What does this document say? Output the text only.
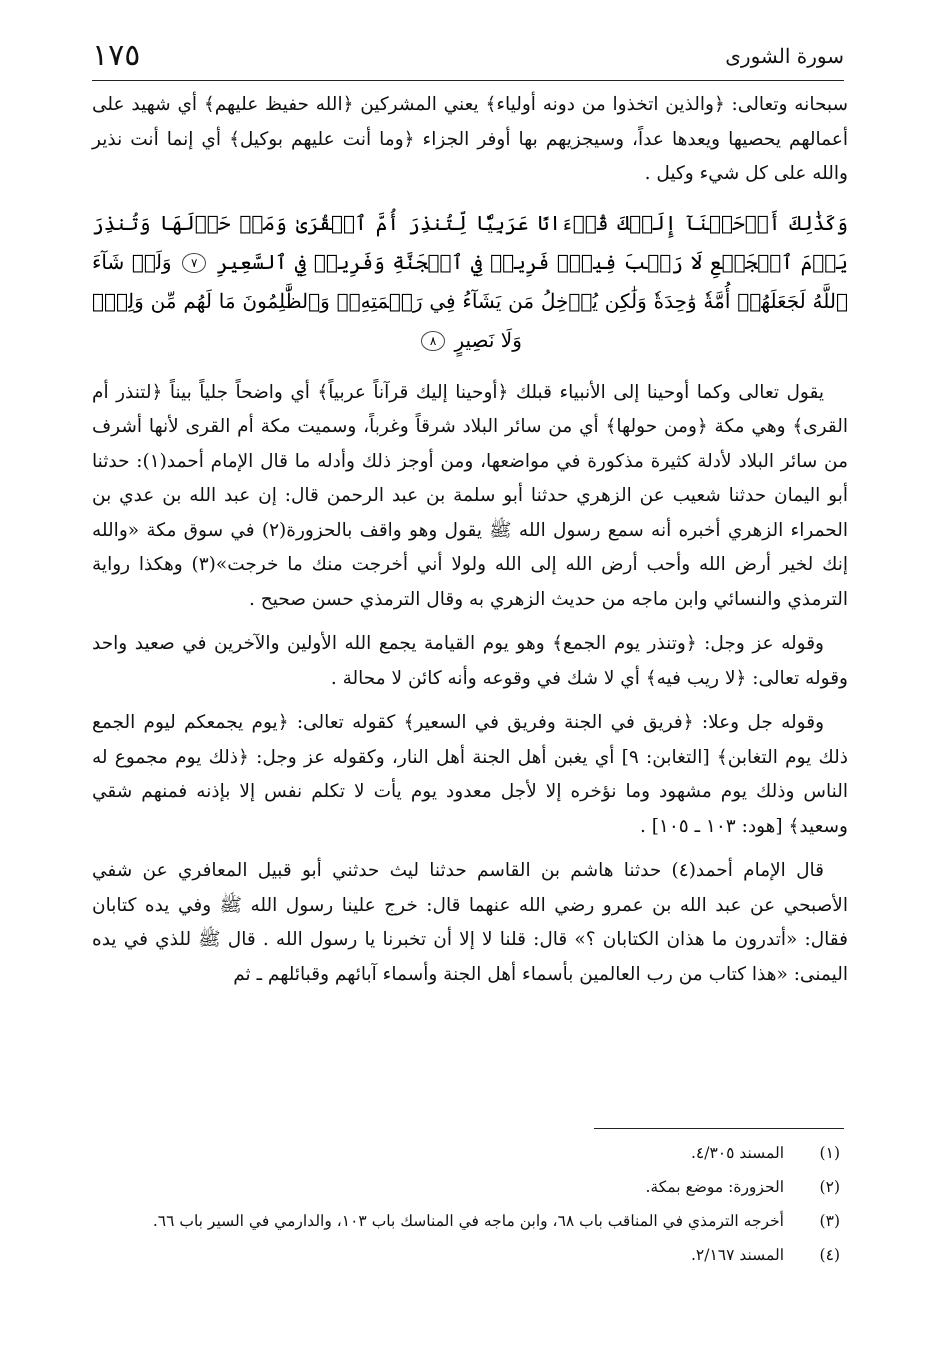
١٧٥	سورة الشورى

سبحانه وتعالى: ﴿والذين اتخذوا من دونه أولياء﴾ يعني المشركين ﴿الله حفيظ عليهم﴾ أي شهيد على أعمالهم يحصيها ويعدها عداً، وسيجزيهم بها أوفر الجزاء ﴿وما أنت عليهم بوكيل﴾ أي إنما أنت نذير والله على كل شيء وكيل .

وَكَذَٰلِكَ أَوۡحَيۡنَآ إِلَيۡكَ قُرۡءَانًا عَرَبِيّٗا لِّتُنذِرَ أُمَّ ٱلۡقُرَىٰ وَمَنۡ حَوۡلَهَا وَتُنذِرَ يَوۡمَ ٱلۡجَمۡعِ لَا رَيۡبَ فِيهِۚ فَرِيقٞ فِي ٱلۡجَنَّةِ وَفَرِيقٞ فِي ٱلسَّعِيرِ ٧ وَلَوۡ شَآءَ ٱللَّهُ لَجَعَلَهُمۡ أُمَّةٗ وَٰحِدَةٗ وَلَٰكِن يُدۡخِلُ مَن يَشَآءُ فِي رَحۡمَتِهِۦۚ وَٱلظَّٰلِمُونَ مَا لَهُم مِّن وَلِيّٖ وَلَا نَصِيرٍ ٨

يقول تعالى وكما أوحينا إلى الأنبياء قبلك ﴿أوحينا إليك قرآناً عربياً﴾ أي واضحاً جلياً بيناً ﴿لتنذر أم القرى﴾ وهي مكة ﴿ومن حولها﴾ أي من سائر البلاد شرقاً وغرباً، وسميت مكة أم القرى لأنها أشرف من سائر البلاد لأدلة كثيرة مذكورة في مواضعها، ومن أوجز ذلك وأدله ما قال الإمام أحمد(١): حدثنا أبو اليمان حدثنا شعيب عن الزهري حدثنا أبو سلمة بن عبد الرحمن قال: إن عبد الله بن عدي بن الحمراء الزهري أخبره أنه سمع رسول الله ﷺ يقول وهو واقف بالحزورة(٢) في سوق مكة «والله إنك لخير أرض الله وأحب أرض الله إلى الله ولولا أني أخرجت منك ما خرجت»(٣) وهكذا رواية الترمذي والنسائي وابن ماجه من حديث الزهري به وقال الترمذي حسن صحيح .

وقوله عز وجل: ﴿وتنذر يوم الجمع﴾ وهو يوم القيامة يجمع الله الأولين والآخرين في صعيد واحد وقوله تعالى: ﴿لا ريب فيه﴾ أي لا شك في وقوعه وأنه كائن لا محالة .

وقوله جل وعلا: ﴿فريق في الجنة وفريق في السعير﴾ كقوله تعالى: ﴿يوم يجمعكم ليوم الجمع ذلك يوم التغابن﴾ [التغابن: ٩] أي يغبن أهل الجنة أهل النار، وكقوله عز وجل: ﴿ذلك يوم مجموع له الناس وذلك يوم مشهود وما نؤخره إلا لأجل معدود يوم يأت لا تكلم نفس إلا بإذنه فمنهم شقي وسعيد﴾ [هود: ١٠٣ ـ ١٠٥] .

قال الإمام أحمد(٤) حدثنا هاشم بن القاسم حدثنا ليث حدثني أبو قبيل المعافري عن شفي الأصبحي عن عبد الله بن عمرو رضي الله عنهما قال: خرج علينا رسول الله ﷺ وفي يده كتابان فقال: «أتدرون ما هذان الكتابان ؟» قال: قلنا لا إلا أن تخبرنا يا رسول الله . قال ﷺ للذي في يده اليمنى: «هذا كتاب من رب العالمين بأسماء أهل الجنة وأسماء آبائهم وقبائلهم ـ ثم

(١)
المسند ٤/٣٠٥.
(٢)
الحزورة: موضع بمكة.
(٣)
أخرجه الترمذي في المناقب باب ٦٨، وابن ماجه في المناسك باب ١٠٣، والدارمي في السير باب ٦٦.
(٤)
المسند ٢/١٦٧.
